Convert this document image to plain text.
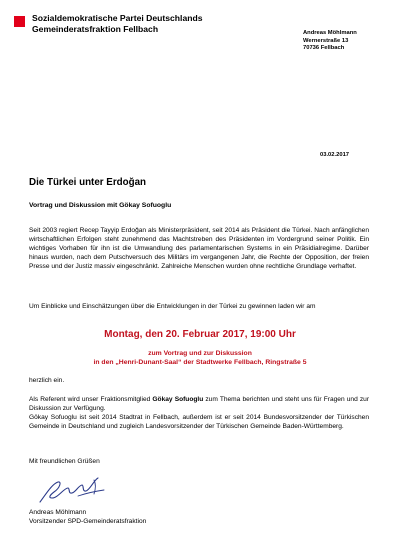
Sozialdemokratische Partei Deutschlands
Gemeinderatsfraktion Fellbach	Andreas Möhlmann
Wernerstraße 13
70736 Fellbach
03.02.2017
Die Türkei unter Erdoğan
Vortrag und Diskussion mit Gökay Sofuoglu
Seit 2003 regiert Recep Tayyip Erdoğan als Ministerpräsident, seit 2014 als Präsident die Türkei. Nach anfänglichen wirtschaftlichen Erfolgen steht zunehmend das Machtstreben des Präsidenten im Vordergrund seiner Politik. Ein wichtiges Vorhaben für ihn ist die Umwandlung des parlamentarischen Systems in ein Präsidialregime. Darüber hinaus wurden, nach dem Putschversuch des Militärs im vergangenen Jahr, die Rechte der Opposition, der freien Presse und der Justiz massiv eingeschränkt. Zahlreiche Menschen wurden ohne rechtliche Grundlage verhaftet.
Um Einblicke und Einschätzungen über die Entwicklungen in der Türkei zu gewinnen laden wir am
Montag, den 20. Februar 2017, 19:00 Uhr
zum Vortrag und zur Diskussion
in den „Henri-Dunant-Saal“ der Stadtwerke Fellbach, Ringstraße 5
herzlich ein.
Als Referent wird unser Fraktionsmitglied Gökay Sofuoglu zum Thema berichten und steht uns für Fragen und zur Diskussion zur Verfügung.
Gökay Sofuoglu ist seit 2014 Stadtrat in Fellbach, außerdem ist er seit 2014 Bundesvorsitzender der Türkischen Gemeinde in Deutschland und zugleich Landesvorsitzender der Türkischen Gemeinde Baden-Württemberg.
Mit freundlichen Grüßen
Andreas Möhlmann
Vorsitzender SPD-Gemeinderatsfraktion
